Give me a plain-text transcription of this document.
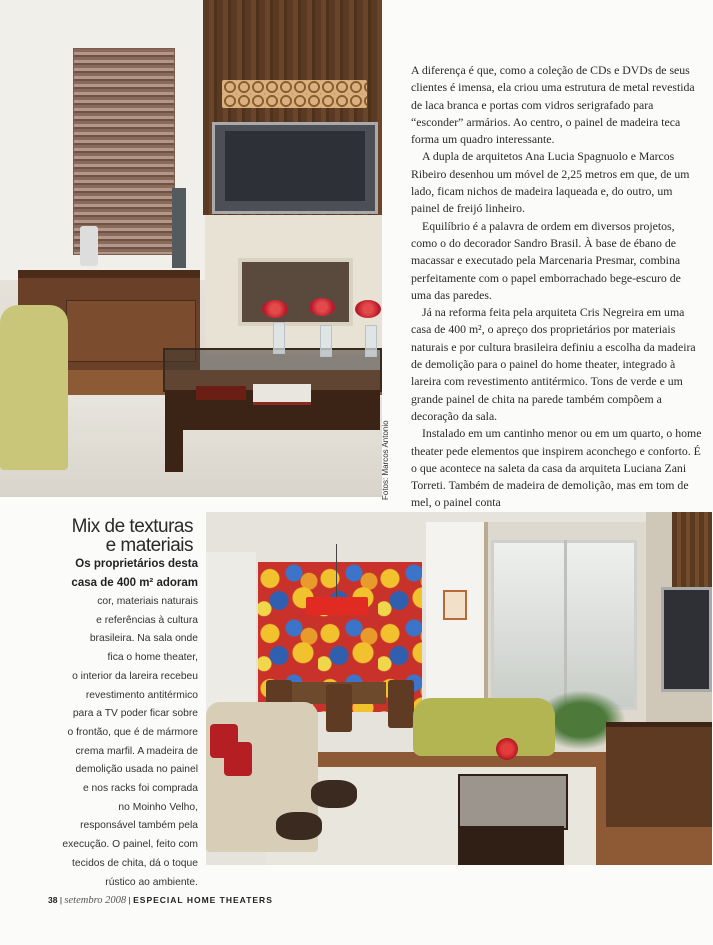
Fotos: Marcos Antonio

A diferença é que, como a coleção de CDs e DVDs de seus clientes é imensa, ela criou uma estrutura de metal revestida de laca branca e portas com vidros serigrafado para “esconder” armários. Ao centro, o painel de madeira teca forma um quadro interessante.

A dupla de arquitetos Ana Lucia Spagnuolo e Marcos Ribeiro desenhou um móvel de 2,25 metros em que, de um lado, ficam nichos de madeira laqueada e, do outro, um painel de freijó linheiro.

Equilíbrio é a palavra de ordem em diversos projetos, como o do decorador Sandro Brasil. À base de ébano de macassar e executado pela Marcenaria Presmar, combina perfeitamente com o papel emborrachado bege-escuro de uma das paredes.

Já na reforma feita pela arquiteta Cris Negreira em uma casa de 400 m², o apreço dos proprietários por materiais naturais e por cultura brasileira definiu a escolha da madeira de demolição para o painel do home theater, integrado à lareira com revestimento antitérmico. Tons de verde e um grande painel de chita na parede também compõem a decoração da sala.

Instalado em um cantinho menor ou em um quarto, o home theater pede elementos que inspirem aconchego e conforto. É o que acontece na saleta da casa da arquiteta Luciana Zani Torreti. Também de madeira de demolição, mas em tom de mel, o painel conta

Mix de texturas
e materiais
Os proprietários desta
casa de 400 m² adoram
cor, materiais naturais
e referências à cultura
brasileira. Na sala onde
fica o home theater,
o interior da lareira recebeu
revestimento antitérmico
para a TV poder ficar sobre
o frontão, que é de mármore
crema marfil. A madeira de
demolição usada no painel
e nos racks foi comprada
no Moinho Velho,
responsável também pela
execução. O painel, feito com
tecidos de chita, dá o toque
rústico ao ambiente.
38 | setembro 2008 | ESPECIAL HOME THEATERS
